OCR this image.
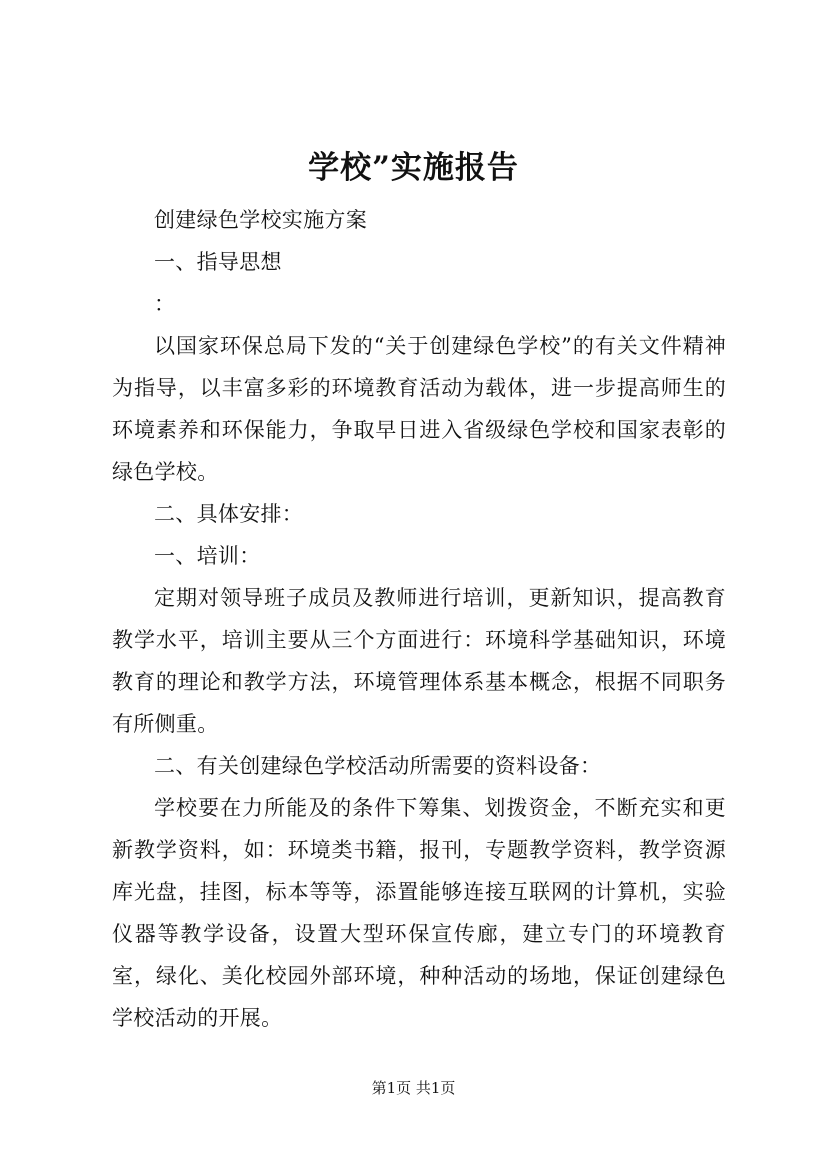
学校”实施报告

创建绿色学校实施方案

一、指导思想

：

以国家环保总局下发的“关于创建绿色学校”的有关文件精神为指导，以丰富多彩的环境教育活动为载体，进一步提高师生的环境素养和环保能力，争取早日进入省级绿色学校和国家表彰的绿色学校。

二、具体安排：

一、培训：

定期对领导班子成员及教师进行培训，更新知识，提高教育教学水平，培训主要从三个方面进行：环境科学基础知识，环境教育的理论和教学方法，环境管理体系基本概念，根据不同职务有所侧重。

二、有关创建绿色学校活动所需要的资料设备：

学校要在力所能及的条件下筹集、划拨资金，不断充实和更新教学资料，如：环境类书籍，报刊，专题教学资料，教学资源库光盘，挂图，标本等等，添置能够连接互联网的计算机，实验仪器等教学设备，设置大型环保宣传廊，建立专门的环境教育室，绿化、美化校园外部环境，种种活动的场地，保证创建绿色学校活动的开展。

第1页 共1页
